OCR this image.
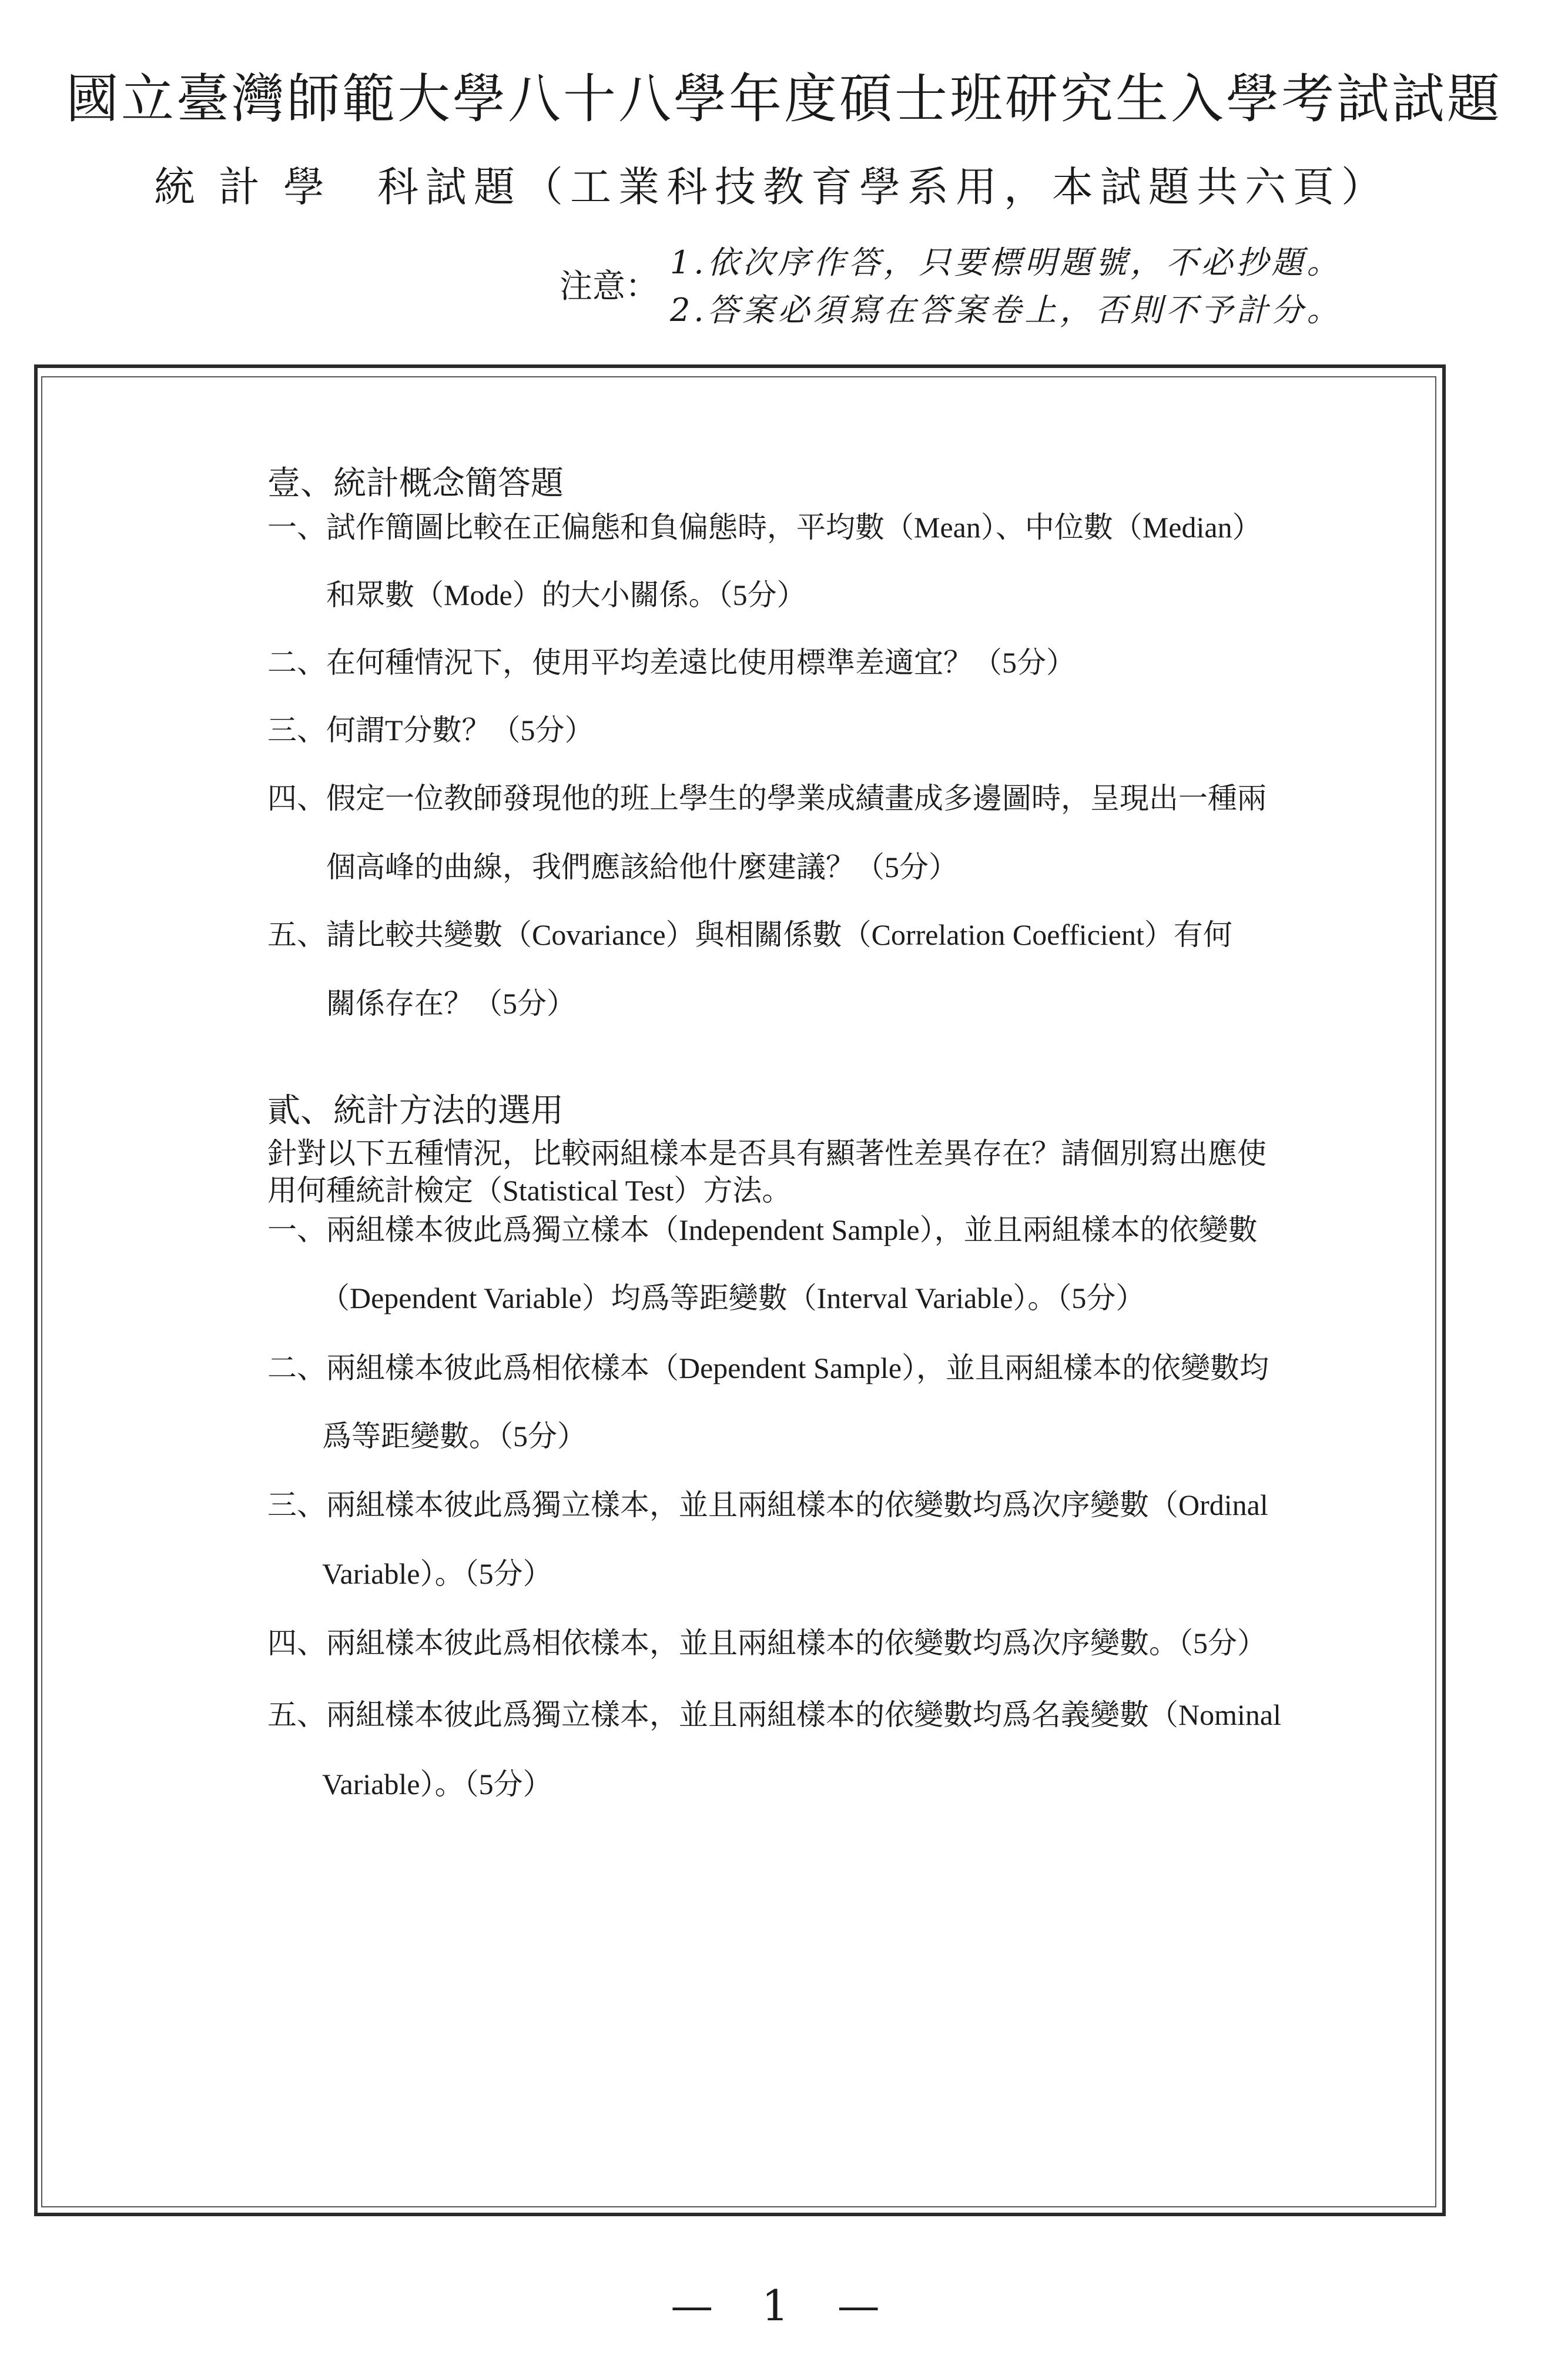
國立臺灣師範大學八十八學年度碩士班研究生入學考試試題
統計學 科試題（工業科技教育學系用，本試題共六頁）
注意：
1.依次序作答，只要標明題號，不必抄題。
2.答案必須寫在答案卷上，否則不予計分。
壹、統計概念簡答題
一、試作簡圖比較在正偏態和負偏態時，平均數（Mean）、中位數（Median）
和眾數（Mode）的大小關係。（5分）
二、在何種情況下，使用平均差遠比使用標準差適宜？（5分）
三、何謂T分數？（5分）
四、假定一位教師發現他的班上學生的學業成績畫成多邊圖時，呈現出一種兩
個高峰的曲線，我們應該給他什麼建議？（5分）
五、請比較共變數（Covariance）與相關係數（Correlation Coefficient）有何
關係存在？（5分）
貳、統計方法的選用
針對以下五種情況，比較兩組樣本是否具有顯著性差異存在？請個別寫出應使
用何種統計檢定（Statistical Test）方法。
一、兩組樣本彼此爲獨立樣本（Independent Sample），並且兩組樣本的依變數
（Dependent Variable）均爲等距變數（Interval Variable）。（5分）
二、兩組樣本彼此爲相依樣本（Dependent Sample），並且兩組樣本的依變數均
爲等距變數。（5分）
三、兩組樣本彼此爲獨立樣本，並且兩組樣本的依變數均爲次序變數（Ordinal
Variable）。（5分）
四、兩組樣本彼此爲相依樣本，並且兩組樣本的依變數均爲次序變數。（5分）
五、兩組樣本彼此爲獨立樣本，並且兩組樣本的依變數均爲名義變數（Nominal
Variable）。（5分）
— 1 —
